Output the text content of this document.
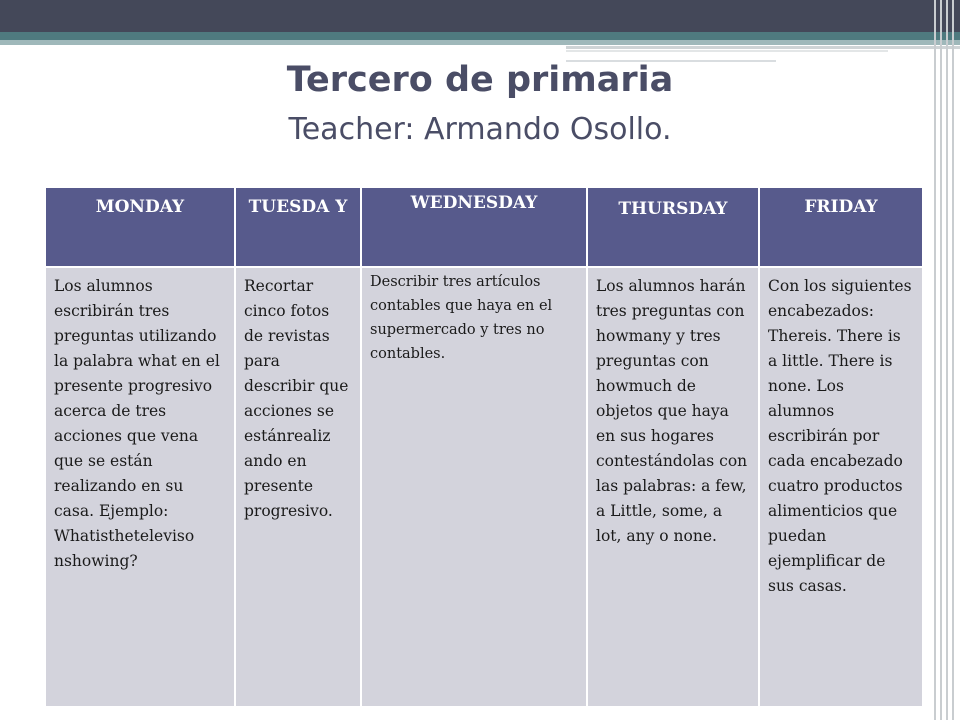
Tercero de primaria
Teacher: Armando Osollo.
MONDAY	TUESDA Y	WEDNESDAY	THURSDAY	FRIDAY
Los alumnos escribirán tres preguntas utilizando la palabra what en el presente progresivo acerca de tres acciones que vena que se están realizando en su casa. Ejemplo: Whatistheteleviso nshowing?	Recortar cinco fotos de revistas para describir que acciones se estánrealiz ando en presente progresivo.	Describir tres artículos contables que haya en el supermercado y tres no contables.	Los alumnos harán tres preguntas con howmany y tres preguntas con howmuch de objetos que haya en sus hogares contestándolas con las palabras: a few, a Little, some, a lot, any o none.	Con los siguientes encabezados: Thereis. There is a little. There is none. Los alumnos escribirán por cada encabezado cuatro productos alimenticios que puedan ejemplificar de sus casas.
